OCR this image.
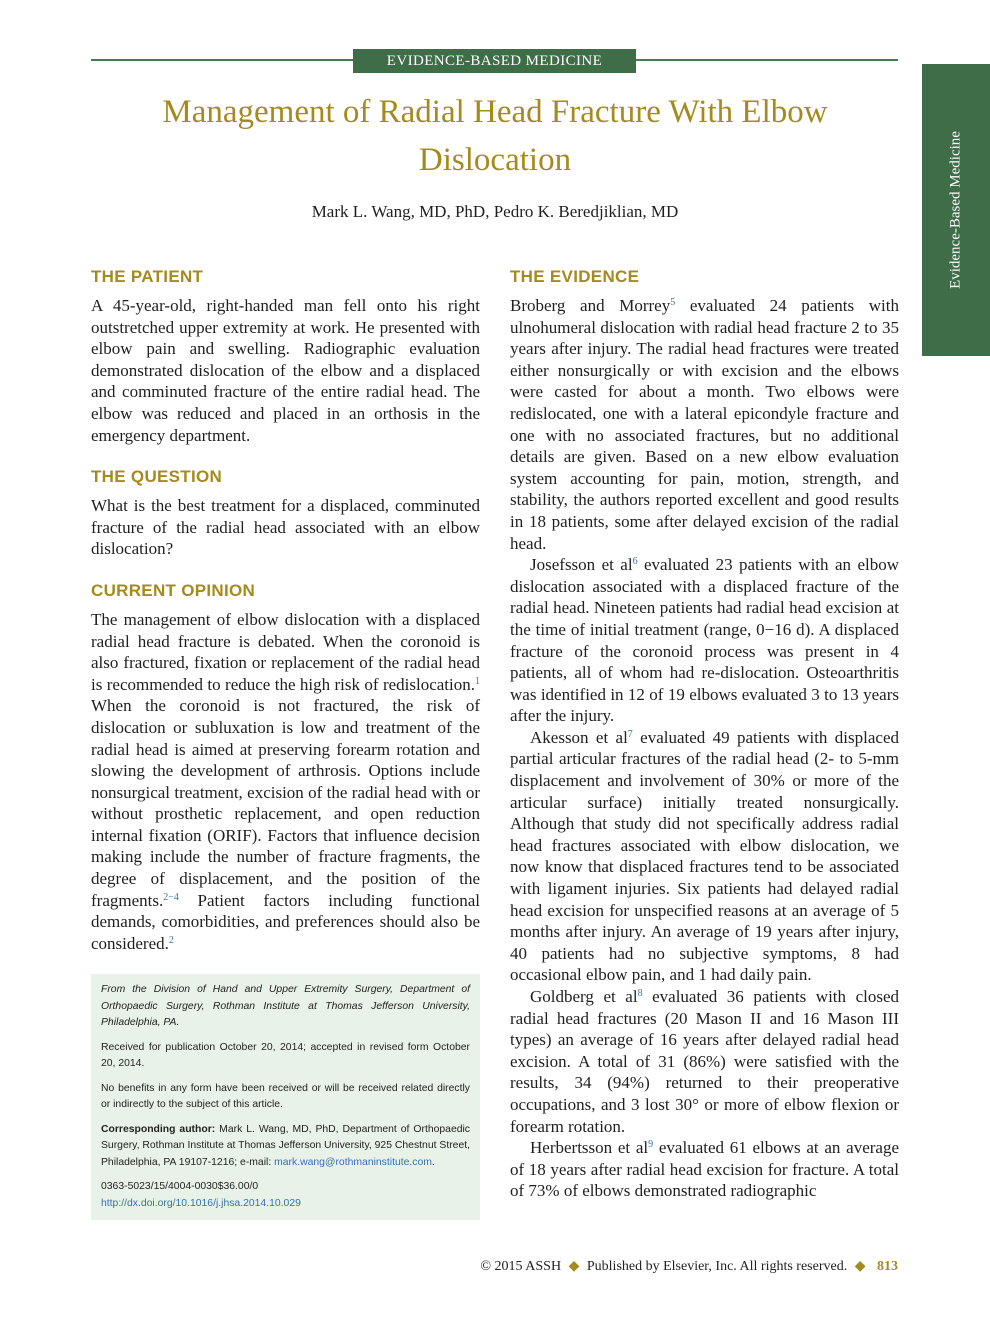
EVIDENCE-BASED MEDICINE
Evidence-Based Medicine
Management of Radial Head Fracture With Elbow Dislocation
Mark L. Wang, MD, PhD, Pedro K. Beredjiklian, MD
THE PATIENT

A 45-year-old, right-handed man fell onto his right outstretched upper extremity at work. He presented with elbow pain and swelling. Radiographic evaluation demonstrated dislocation of the elbow and a displaced and comminuted fracture of the entire radial head. The elbow was reduced and placed in an orthosis in the emergency department.

THE QUESTION

What is the best treatment for a displaced, comminuted fracture of the radial head associated with an elbow dislocation?

CURRENT OPINION

The management of elbow dislocation with a displaced radial head fracture is debated. When the coronoid is also fractured, fixation or replacement of the radial head is recommended to reduce the high risk of redislocation.$^1$ When the coronoid is not fractured, the risk of dislocation or subluxation is low and treatment of the radial head is aimed at preserving forearm rotation and slowing the development of arthrosis. Options include nonsurgical treatment, excision of the radial head with or without prosthetic replacement, and open reduction internal fixation (ORIF). Factors that influence decision making include the number of fracture fragments, the degree of displacement, and the position of the fragments.$^{2-4}$ Patient factors including functional demands, comorbidities, and preferences should also be considered.$^2$

From the Division of Hand and Upper Extremity Surgery, Department of Orthopaedic Surgery, Rothman Institute at Thomas Jefferson University, Philadelphia, PA.
Received for publication October 20, 2014; accepted in revised form October 20, 2014.
No benefits in any form have been received or will be received related directly or indirectly to the subject of this article.
Corresponding author: Mark L. Wang, MD, PhD, Department of Orthopaedic Surgery, Rothman Institute at Thomas Jefferson University, 925 Chestnut Street, Philadelphia, PA 19107-1216; e-mail: mark.wang@rothmaninstitute.com.
0363-5023/15/4004-0030$36.00/0
http://dx.doi.org/10.1016/j.jhsa.2014.10.029
THE EVIDENCE

Broberg and Morrey$^5$ evaluated 24 patients with ulnohumeral dislocation with radial head fracture 2 to 35 years after injury. The radial head fractures were treated either nonsurgically or with excision and the elbows were casted for about a month. Two elbows were redislocated, one with a lateral epicondyle fracture and one with no associated fractures, but no additional details are given. Based on a new elbow evaluation system accounting for pain, motion, strength, and stability, the authors reported excellent and good results in 18 patients, some after delayed excision of the radial head.

Josefsson et $al^6$ evaluated 23 patients with an elbow dislocation associated with a displaced fracture of the radial head. Nineteen patients had radial head excision at the time of initial treatment (range, 0−16 d). A displaced fracture of the coronoid process was present in 4 patients, all of whom had re-dislocation. Osteoarthritis was identified in 12 of 19 elbows evaluated 3 to 13 years after the injury.

Akesson et $al^7$ evaluated 49 patients with displaced partial articular fractures of the radial head (2- to 5-mm displacement and involvement of 30% or more of the articular surface) initially treated nonsurgically. Although that study did not specifically address radial head fractures associated with elbow dislocation, we now know that displaced fractures tend to be associated with ligament injuries. Six patients had delayed radial head excision for unspecified reasons at an average of 5 months after injury. An average of 19 years after injury, 40 patients had no subjective symptoms, 8 had occasional elbow pain, and 1 had daily pain.

Goldberg et $al^8$ evaluated 36 patients with closed radial head fractures (20 Mason II and 16 Mason III types) an average of 16 years after delayed radial head excision. A total of 31 (86%) were satisfied with the results, 34 (94%) returned to their preoperative occupations, and 3 lost 30° or more of elbow flexion or forearm rotation.

Herbertsson et $al^9$ evaluated 61 elbows at an average of 18 years after radial head excision for fracture. A total of 73% of elbows demonstrated radiographic

© 2015 ASSH ◆ Published by Elsevier, Inc. All rights reserved. ◆ 813
